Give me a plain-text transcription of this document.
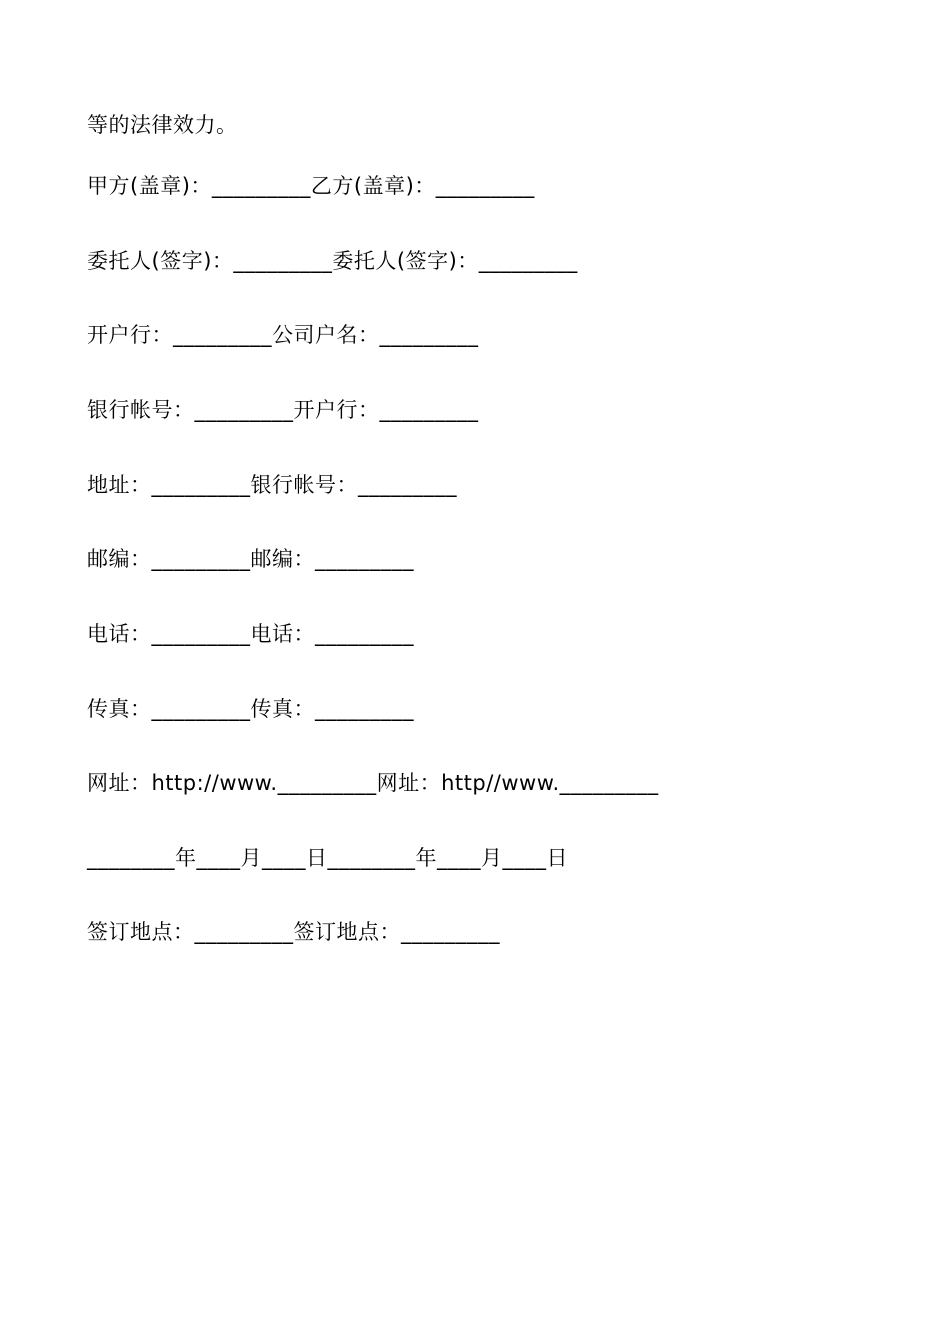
等的法律效力。
甲方(盖章)：_________乙方(盖章)：_________
委托人(签字)：_________委托人(签字)：_________
开户行：_________公司户名：_________
银行帐号：_________开户行：_________
地址：_________银行帐号：_________
邮编：_________邮编：_________
电话：_________电话：_________
传真：_________传真：_________
网址：http://www._________网址：http//www._________
________年____月____日________年____月____日
签订地点：_________签订地点：_________
